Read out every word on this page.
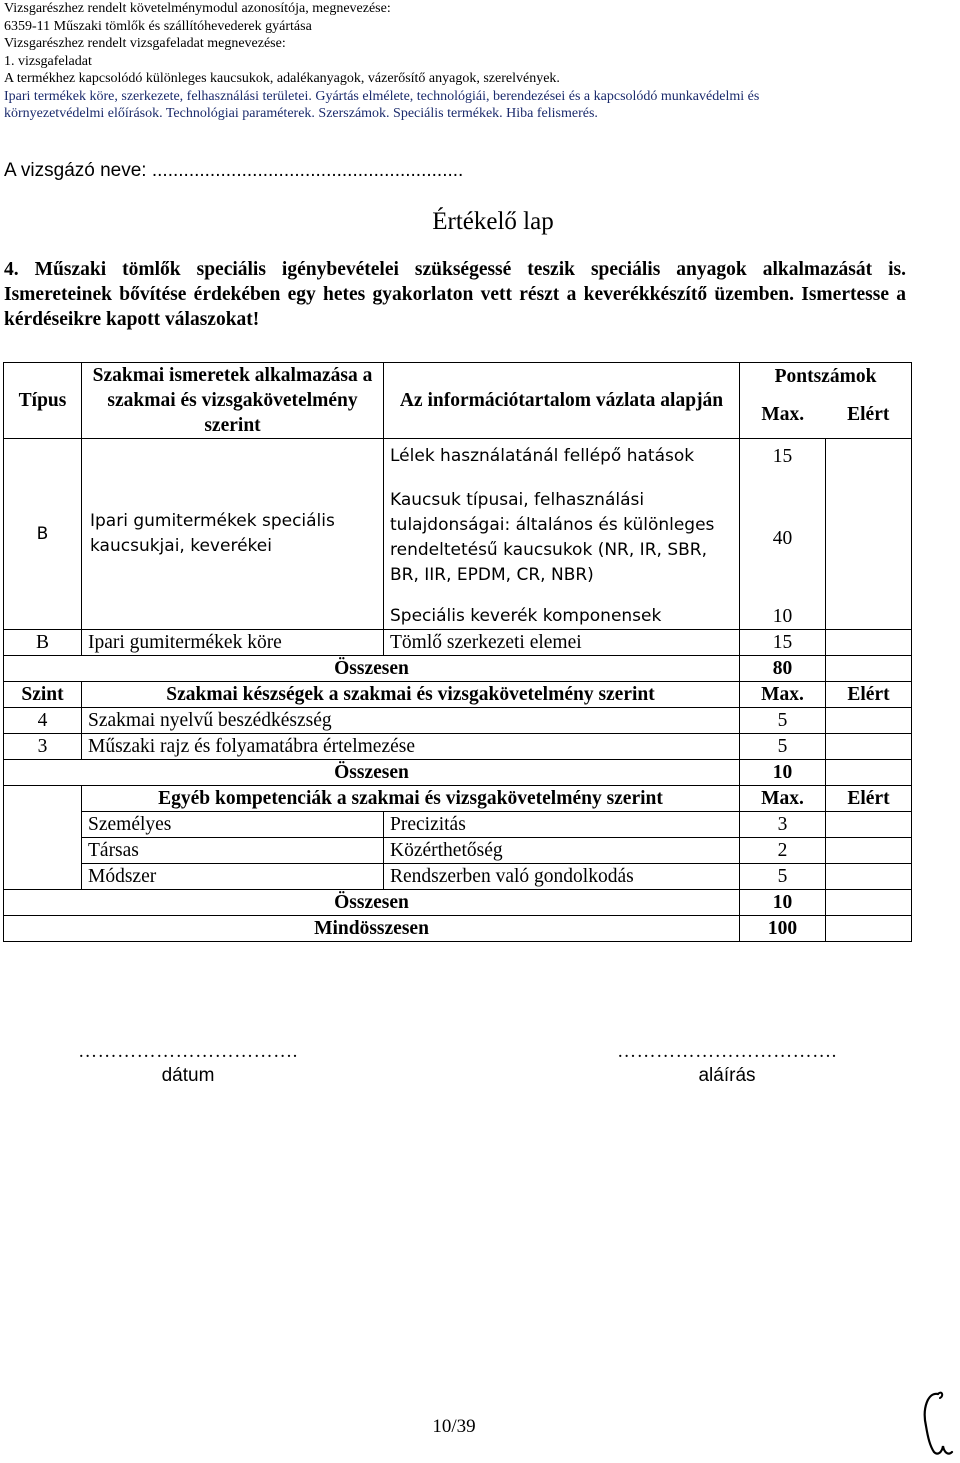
Vizsgarészhez rendelt követelménymodul azonosítója, megnevezése:
6359-11 Műszaki tömlők és szállítóhevederek gyártása
Vizsgarészhez rendelt vizsgafeladat megnevezése:
1. vizsgafeladat
A termékhez kapcsolódó különleges kaucsukok, adalékanyagok, vázerősítő anyagok, szerelvények.
Ipari termékek köre, szerkezete, felhasználási területei. Gyártás elmélete, technológiái, berendezései és a kapcsolódó munkavédelmi és
környezetvédelmi előírások. Technológiai paraméterek. Szerszámok. Speciális termékek. Hiba felismerés.
A vizsgázó neve: ...........................................................
Értékelő lap
4. Műszaki tömlők speciális igénybevételei szükségessé teszik speciális anyagok alkalmazását is. Ismereteinek bővítése érdekében egy hetes gyakorlaton vett részt a keverékkészítő üzemben. Ismertesse a kérdéseikre kapott válaszokat!
Típus	Szakmai ismeretek alkalmazása a szakmai és vizsgakövetelmény szerint	Az információtartalom vázlata alapján	Pontszámok	
			Max.	Elért
B	Ipari gumitermékek speciális kaucsukjai, keverékei	Lélek használatánál fellépő hatások	15	
		Kaucsuk típusai, felhasználási tulajdonságai: általános és különleges rendeltetésű kaucsukok (NR, IR, SBR, BR, IIR, EPDM, CR, NBR)	40	
		Speciális keverék komponensek	10	
B	Ipari gumitermékek köre	Tömlő szerkezeti elemei	15	
Összesen			80	
Szint	Szakmai készségek a szakmai és vizsgakövetelmény szerint		Max.	Elért
4	Szakmai nyelvű beszédkészség		5	
3	Műszaki rajz és folyamatábra értelmezése		5	
Összesen			10	
	Egyéb kompetenciák a szakmai és vizsgakövetelmény szerint		Max.	Elért
	Személyes	Precizitás	3	
	Társas	Közérthetőség	2	
	Módszer	Rendszerben való gondolkodás	5	
Összesen			10	
Mindösszesen			100	
…………………………….
dátum
…………………………….
aláírás
10/39
